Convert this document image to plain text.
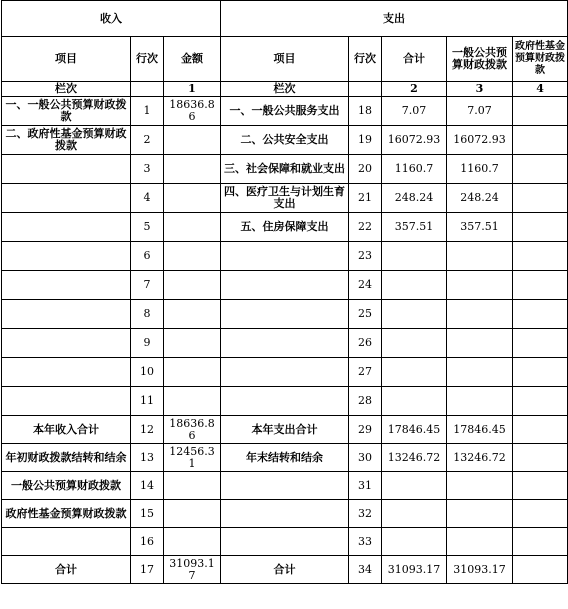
收入			支出				
项目	行次	金额	项目	行次	合计	一般公共预算财政拨款	政府性基金预算财政拨款
栏次		1	栏次		2	3	4
一、一般公共预算财政拨款	1	18636.86	一、一般公共服务支出	18	7.07	7.07	
二、政府性基金预算财政拨款	2		二、公共安全支出	19	16072.93	16072.93	
	3		三、社会保障和就业支出	20	1160.7	1160.7	
	4		四、医疗卫生与计划生育支出	21	248.24	248.24	
	5		五、住房保障支出	22	357.51	357.51	
	6			23			
	7			24			
	8			25			
	9			26			
	10			27			
	11			28			
本年收入合计	12	18636.86	本年支出合计	29	17846.45	17846.45	
年初财政拨款结转和结余	13	12456.31	年末结转和结余	30	13246.72	13246.72	
一般公共预算财政拨款	14			31			
政府性基金预算财政拨款	15			32			
	16			33			
合计	17	31093.17	合计	34	31093.17	31093.17	
